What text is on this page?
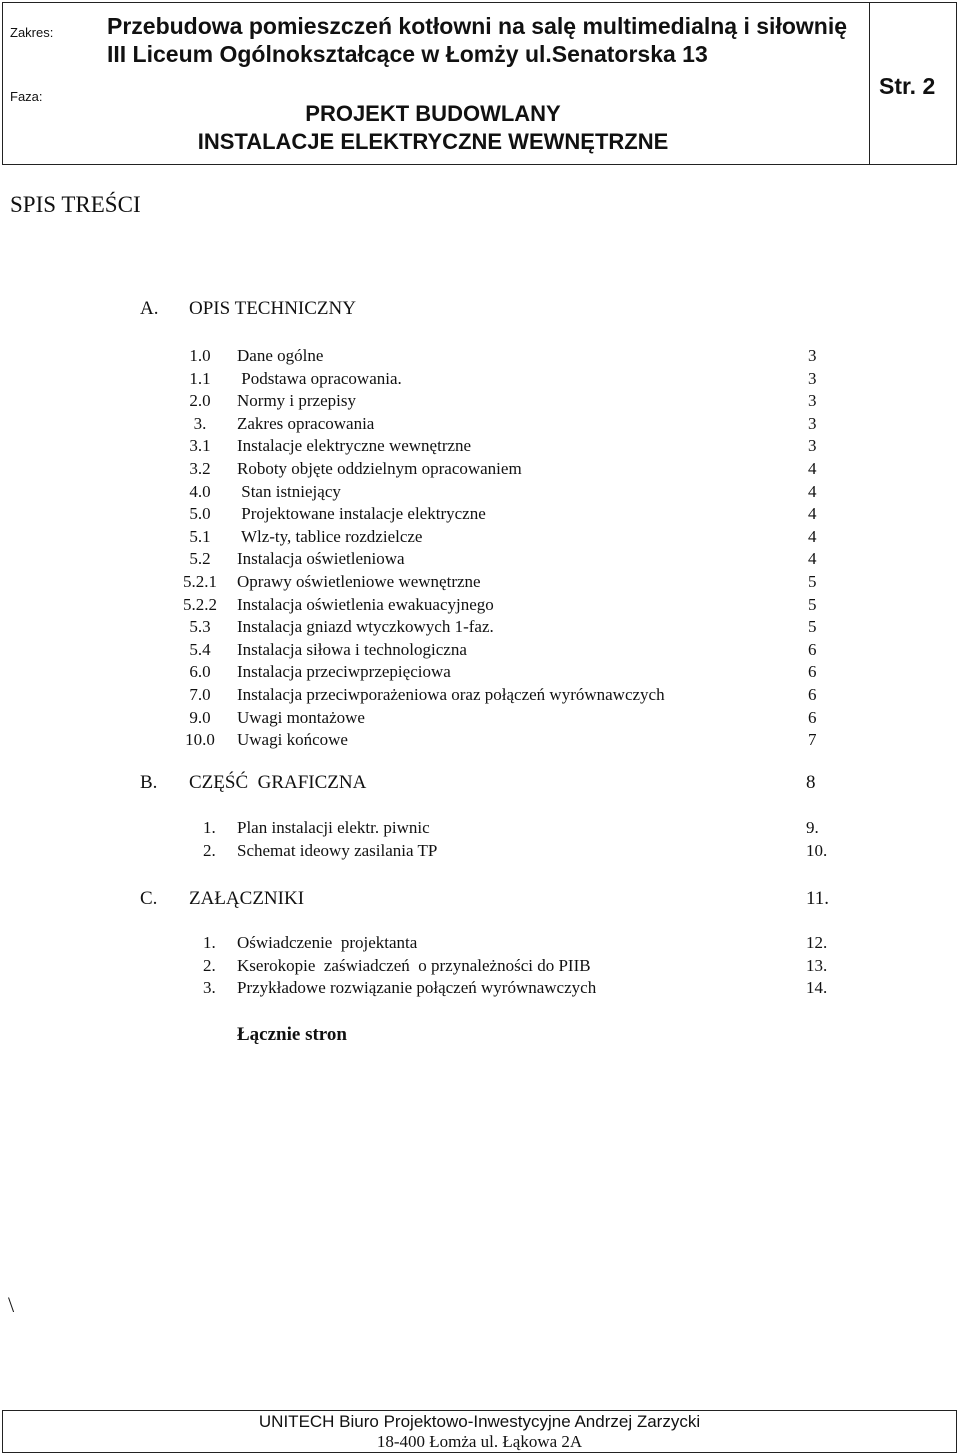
Zakres:
Faza:
Przebudowa pomieszczeń kotłowni na salę multimedialną i siłownię
III Liceum Ogólnokształcące w Łomży ul.Senatorska 13
PROJEKT BUDOWLANY
INSTALACJE ELEKTRYCZNE WEWNĘTRZNE
Str. 2
SPIS TREŚCI
A. OPIS TECHNICZNY
1.0	Dane ogólne	3
1.1	Podstawa opracowania.	3
2.0	Normy i przepisy	3
3.	Zakres opracowania	3
3.1	Instalacje elektryczne wewnętrzne	3
3.2	Roboty objęte oddzielnym opracowaniem	4
4.0	Stan istniejący	4
5.0	Projektowane instalacje elektryczne	4
5.1	Wlz-ty, tablice rozdzielcze	4
5.2	Instalacja oświetleniowa	4
5.2.1 Oprawy oświetleniowe wewnętrzne	5
5.2.2 Instalacja oświetlenia ewakuacyjnego	5
5.3	Instalacja gniazd wtyczkowych 1-faz.	5
5.4	Instalacja siłowa i technologiczna	6
6.0	Instalacja przeciwprzepięciowa	6
7.0	Instalacja przeciwporażeniowa oraz połączeń wyrównawczych	6
9.0	Uwagi montażowe	6
10.0	Uwagi końcowe	7
B. CZĘŚĆ  GRAFICZNA	8
1. Plan instalacji elektr. piwnic	9.
2. Schemat ideowy zasilania TP	10.
C. ZAŁĄCZNIKI	11.
1. Oświadczenie  projektanta	12.
2. Kserokopie  zaświadczeń  o przynależności do PIIB	13.
3. Przykładowe rozwiązanie połączeń wyrównawczych	14.
Łącznie stron
\
UNITECH Biuro Projektowo-Inwestycyjne Andrzej Zarzycki
18-400 Łomża ul. Łąkowa 2A
